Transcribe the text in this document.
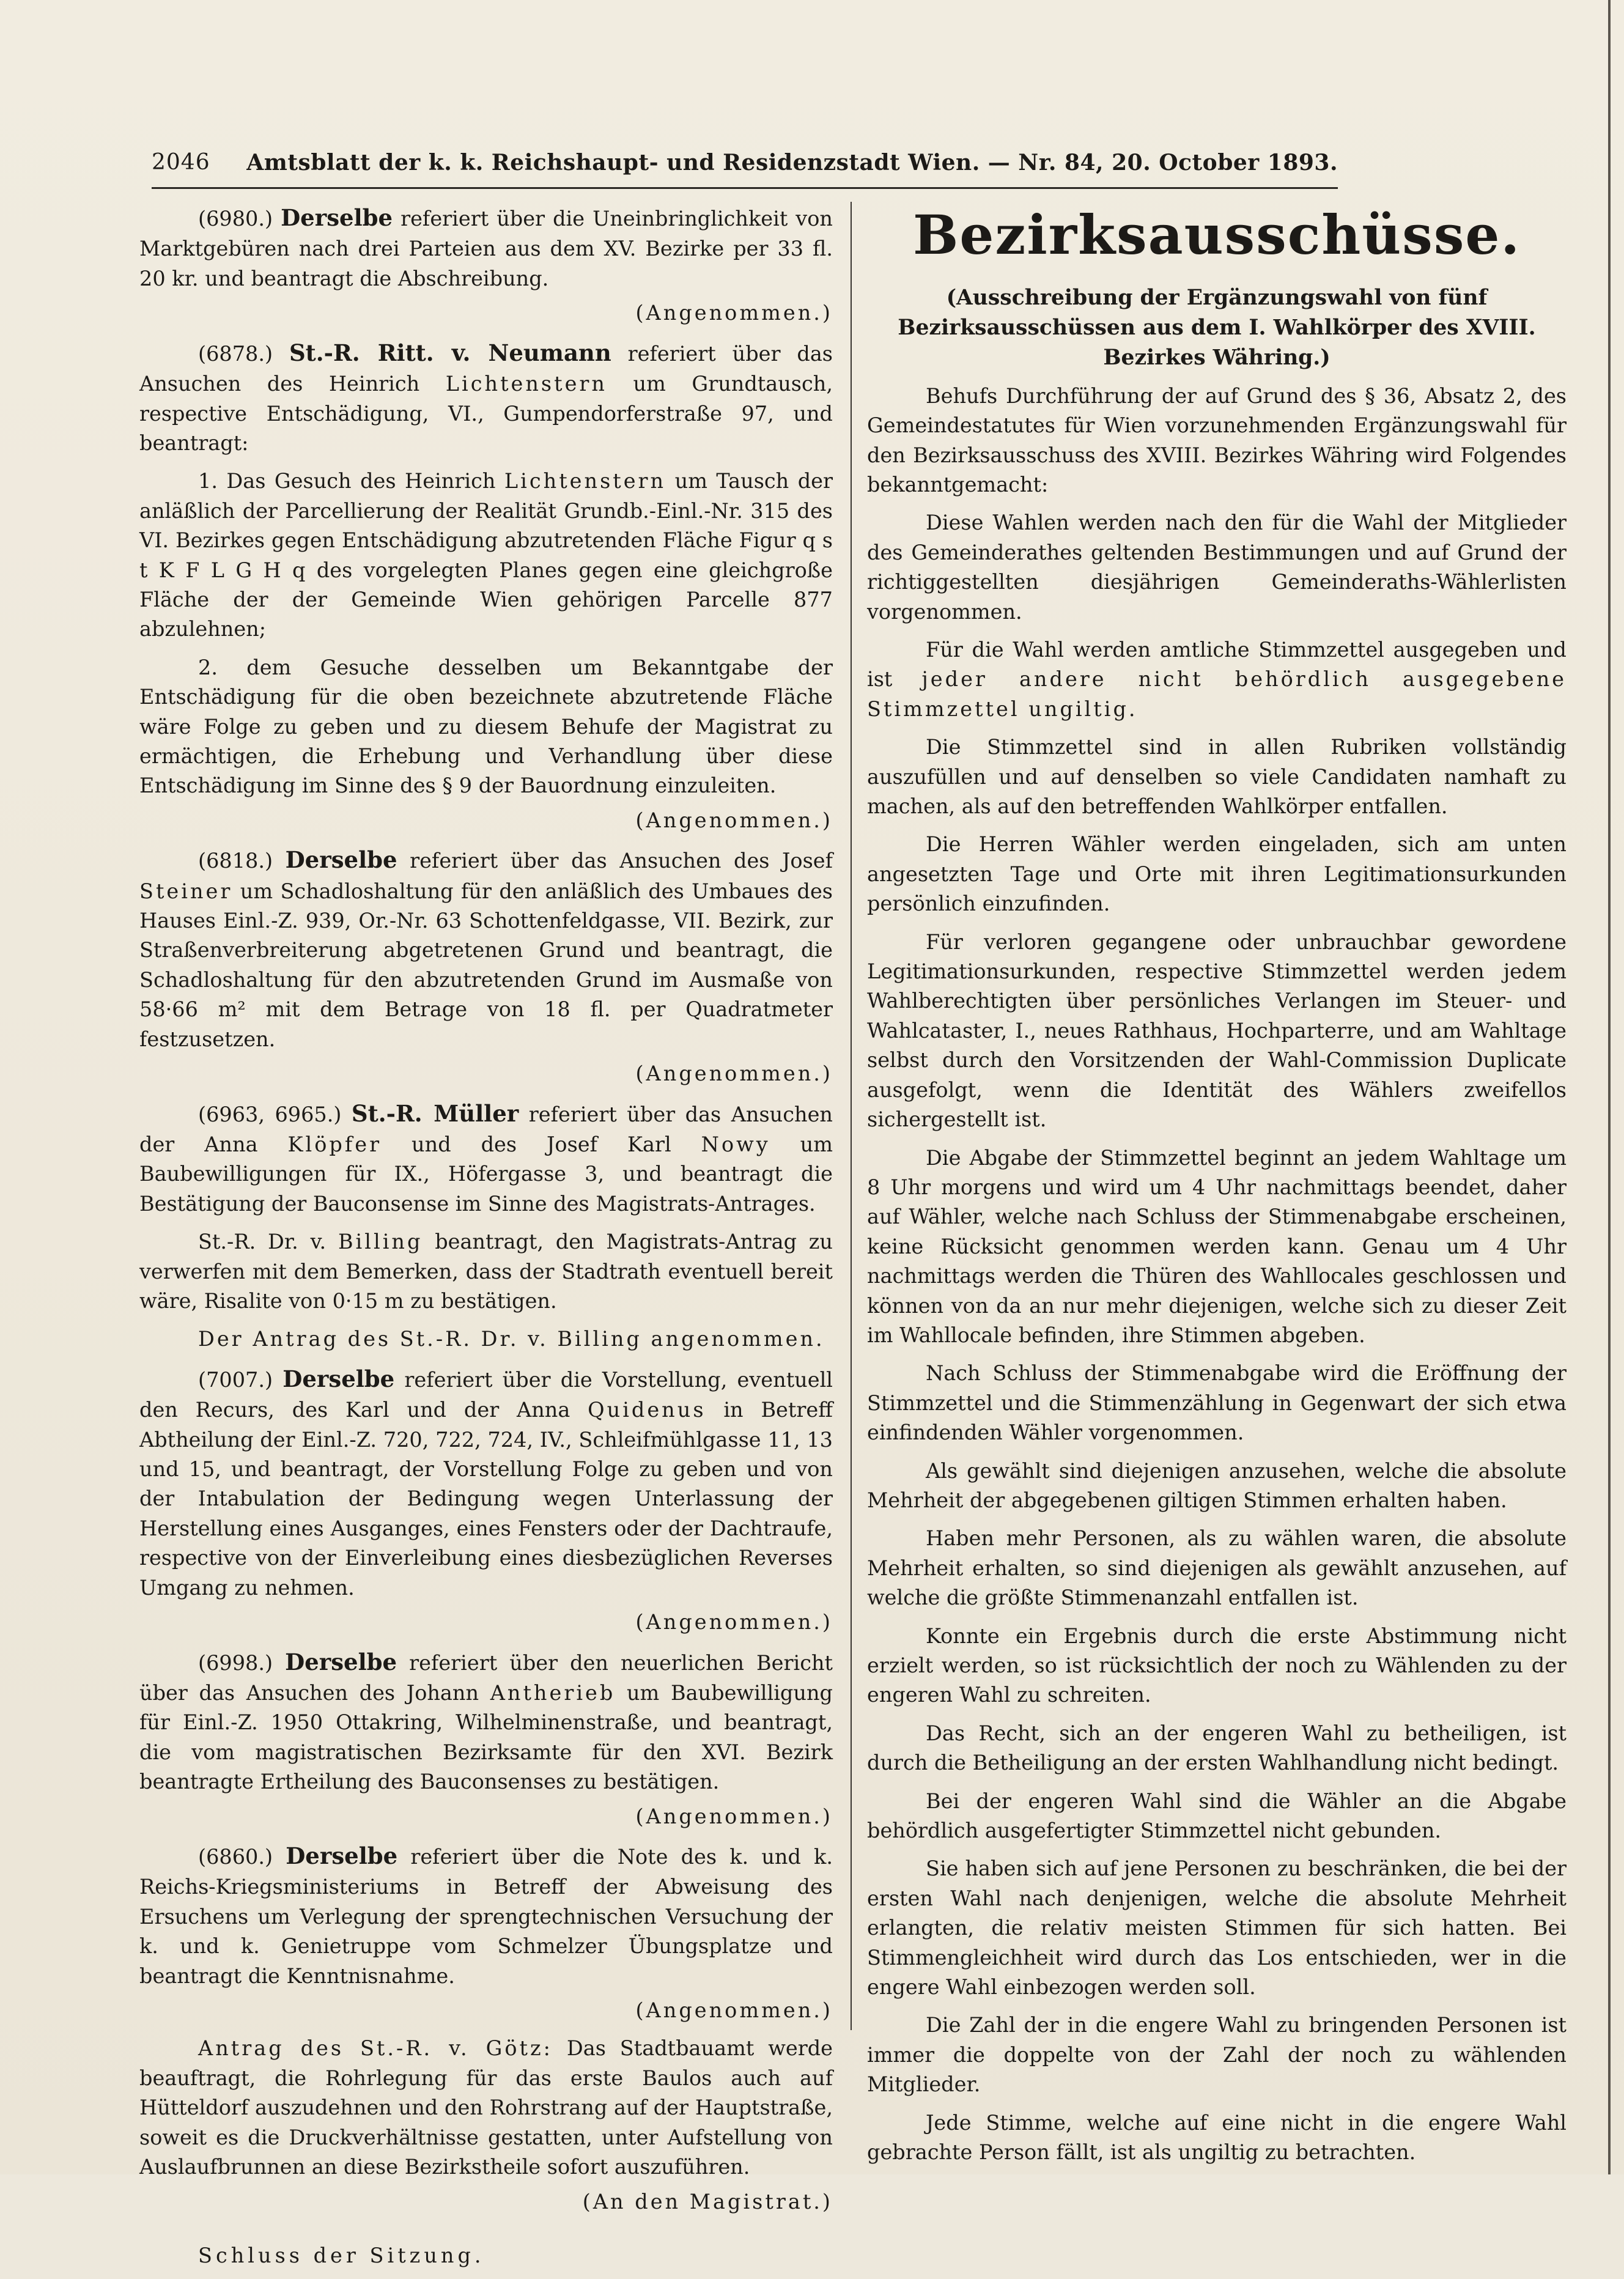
2046 Amtsblatt der k. k. Reichshaupt- und Residenzstadt Wien. — Nr. 84, 20. October 1893.

(6980.) Derselbe referiert über die Uneinbringlichkeit von Marktgebüren nach drei Parteien aus dem XV. Bezirke per 33 fl. 20 kr. und beantragt die Abschreibung.

(Angenommen.)

(6878.) St.-R. Ritt. v. Neumann referiert über das Ansuchen des Heinrich Lichtenstern um Grundtausch, respective Entschädigung, VI., Gumpendorferstraße 97, und beantragt:

1. Das Gesuch des Heinrich Lichtenstern um Tausch der anläßlich der Parcellierung der Realität Grundb.-Einl.-Nr. 315 des VI. Bezirkes gegen Entschädigung abzutretenden Fläche Figur q s t K F L G H q des vorgelegten Planes gegen eine gleichgroße Fläche der der Gemeinde Wien gehörigen Parcelle 877 abzulehnen;

2. dem Gesuche desselben um Bekanntgabe der Entschädigung für die oben bezeichnete abzutretende Fläche wäre Folge zu geben und zu diesem Behufe der Magistrat zu ermächtigen, die Erhebung und Verhandlung über diese Entschädigung im Sinne des § 9 der Bauordnung einzuleiten.

(Angenommen.)

(6818.) Derselbe referiert über das Ansuchen des Josef Steiner um Schadloshaltung für den anläßlich des Umbaues des Hauses Einl.-Z. 939, Or.-Nr. 63 Schottenfeldgasse, VII. Bezirk, zur Straßenverbreiterung abgetretenen Grund und beantragt, die Schadloshaltung für den abzutretenden Grund im Ausmaße von 58·66 m² mit dem Betrage von 18 fl. per Quadratmeter festzusetzen.

(Angenommen.)

(6963, 6965.) St.-R. Müller referiert über das Ansuchen der Anna Klöpfer und des Josef Karl Nowy um Baubewilligungen für IX., Höfergasse 3, und beantragt die Bestätigung der Bauconsense im Sinne des Magistrats-Antrages.

St.-R. Dr. v. Billing beantragt, den Magistrats-Antrag zu verwerfen mit dem Bemerken, dass der Stadtrath eventuell bereit wäre, Risalite von 0·15 m zu bestätigen.

Der Antrag des St.-R. Dr. v. Billing angenommen.

(7007.) Derselbe referiert über die Vorstellung, eventuell den Recurs, des Karl und der Anna Quidenus in Betreff Abtheilung der Einl.-Z. 720, 722, 724, IV., Schleifmühlgasse 11, 13 und 15, und beantragt, der Vorstellung Folge zu geben und von der Intabulation der Bedingung wegen Unterlassung der Herstellung eines Ausganges, eines Fensters oder der Dachtraufe, respective von der Einverleibung eines diesbezüglichen Reverses Umgang zu nehmen.

(Angenommen.)

(6998.) Derselbe referiert über den neuerlichen Bericht über das Ansuchen des Johann Antherieb um Baubewilligung für Einl.-Z. 1950 Ottakring, Wilhelminenstraße, und beantragt, die vom magistratischen Bezirksamte für den XVI. Bezirk beantragte Ertheilung des Bauconsenses zu bestätigen.

(Angenommen.)

(6860.) Derselbe referiert über die Note des k. und k. Reichs-Kriegsministeriums in Betreff der Abweisung des Ersuchens um Verlegung der sprengtechnischen Versuchung der k. und k. Genietruppe vom Schmelzer Übungsplatze und beantragt die Kenntnisnahme.

(Angenommen.)

Antrag des St.-R. v. Götz: Das Stadtbauamt werde beauftragt, die Rohrlegung für das erste Baulos auch auf Hütteldorf auszudehnen und den Rohrstrang auf der Hauptstraße, soweit es die Druckverhältnisse gestatten, unter Aufstellung von Auslaufbrunnen an diese Bezirkstheile sofort auszuführen.

(An den Magistrat.)

Schluss der Sitzung.

Bezirksausschüsse.
(Ausschreibung der Ergänzungswahl von fünf Bezirksausschüssen aus dem I. Wahlkörper des XVIII. Bezirkes Währing.)

Behufs Durchführung der auf Grund des § 36, Absatz 2, des Gemeindestatutes für Wien vorzunehmenden Ergänzungswahl für den Bezirksausschuss des XVIII. Bezirkes Währing wird Folgendes bekanntgemacht:

Diese Wahlen werden nach den für die Wahl der Mitglieder des Gemeinderathes geltenden Bestimmungen und auf Grund der richtiggestellten diesjährigen Gemeinderaths-Wählerlisten vorgenommen.

Für die Wahl werden amtliche Stimmzettel ausgegeben und ist jeder andere nicht behördlich ausgegebene Stimmzettel ungiltig.

Die Stimmzettel sind in allen Rubriken vollständig auszufüllen und auf denselben so viele Candidaten namhaft zu machen, als auf den betreffenden Wahlkörper entfallen.

Die Herren Wähler werden eingeladen, sich am unten angesetzten Tage und Orte mit ihren Legitimationsurkunden persönlich einzufinden.

Für verloren gegangene oder unbrauchbar gewordene Legitimationsurkunden, respective Stimmzettel werden jedem Wahlberechtigten über persönliches Verlangen im Steuer- und Wahlcataster, I., neues Rathhaus, Hochparterre, und am Wahltage selbst durch den Vorsitzenden der Wahl-Commission Duplicate ausgefolgt, wenn die Identität des Wählers zweifellos sichergestellt ist.

Die Abgabe der Stimmzettel beginnt an jedem Wahltage um 8 Uhr morgens und wird um 4 Uhr nachmittags beendet, daher auf Wähler, welche nach Schluss der Stimmenabgabe erscheinen, keine Rücksicht genommen werden kann. Genau um 4 Uhr nachmittags werden die Thüren des Wahllocales geschlossen und können von da an nur mehr diejenigen, welche sich zu dieser Zeit im Wahllocale befinden, ihre Stimmen abgeben.

Nach Schluss der Stimmenabgabe wird die Eröffnung der Stimmzettel und die Stimmenzählung in Gegenwart der sich etwa einfindenden Wähler vorgenommen.

Als gewählt sind diejenigen anzusehen, welche die absolute Mehrheit der abgegebenen giltigen Stimmen erhalten haben.

Haben mehr Personen, als zu wählen waren, die absolute Mehrheit erhalten, so sind diejenigen als gewählt anzusehen, auf welche die größte Stimmenanzahl entfallen ist.

Konnte ein Ergebnis durch die erste Abstimmung nicht erzielt werden, so ist rücksichtlich der noch zu Wählenden zu der engeren Wahl zu schreiten.

Das Recht, sich an der engeren Wahl zu betheiligen, ist durch die Betheiligung an der ersten Wahlhandlung nicht bedingt.

Bei der engeren Wahl sind die Wähler an die Abgabe behördlich ausgefertigter Stimmzettel nicht gebunden.

Sie haben sich auf jene Personen zu beschränken, die bei der ersten Wahl nach denjenigen, welche die absolute Mehrheit erlangten, die relativ meisten Stimmen für sich hatten. Bei Stimmengleichheit wird durch das Los entschieden, wer in die engere Wahl einbezogen werden soll.

Die Zahl der in die engere Wahl zu bringenden Personen ist immer die doppelte von der Zahl der noch zu wählenden Mitglieder.

Jede Stimme, welche auf eine nicht in die engere Wahl gebrachte Person fällt, ist als ungiltig zu betrachten.
